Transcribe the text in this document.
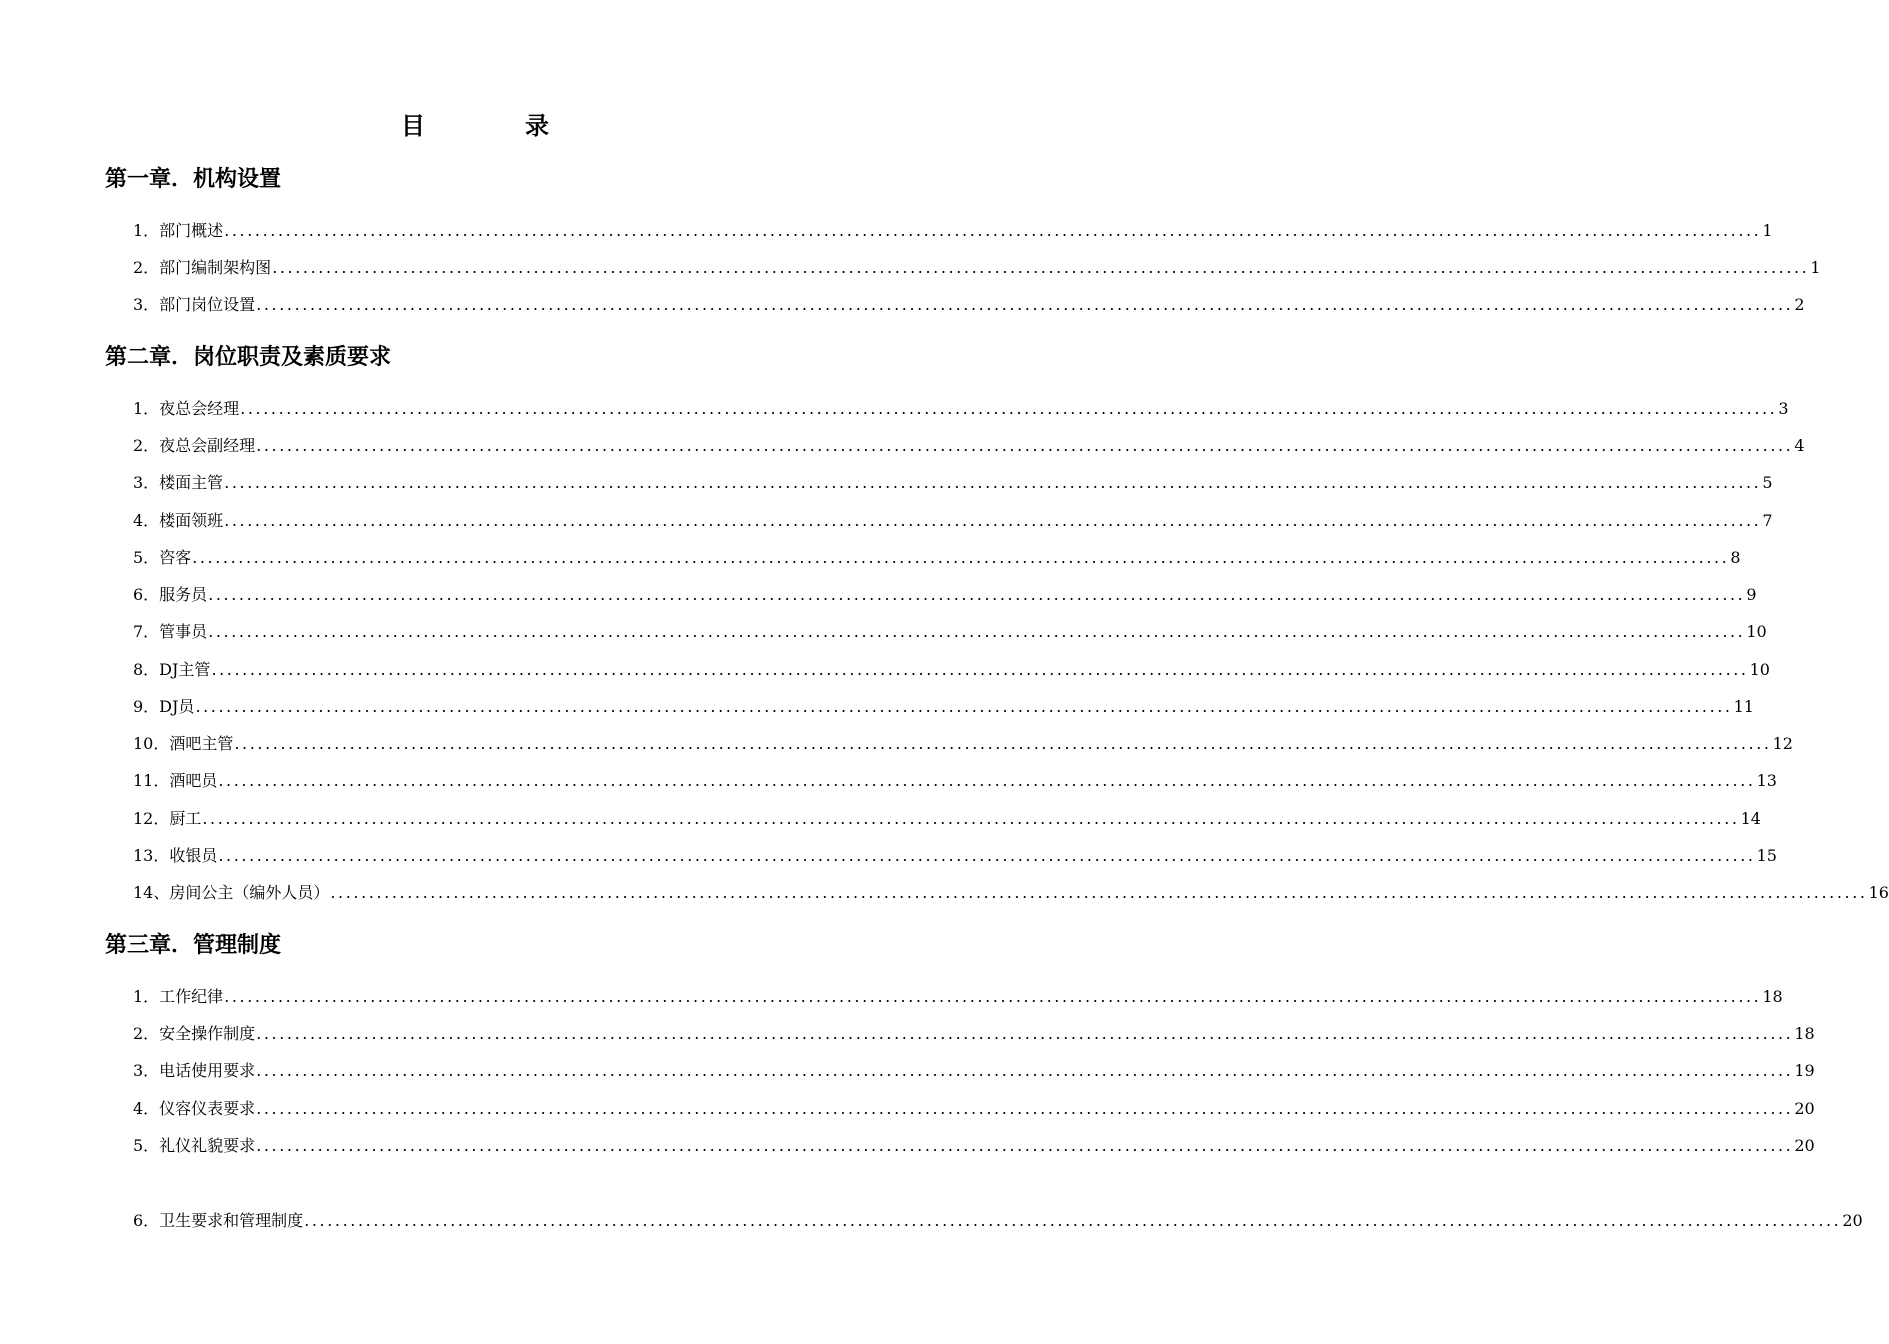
目	录
第一章．机构设置
1．部门概述 ........................................................................................................................................................................................................ 1
2．部门编制架构图 ........................................................................................................................................................................................................ 1
3．部门岗位设置 ........................................................................................................................................................................................................ 2
第二章．岗位职责及素质要求
1．夜总会经理 ........................................................................................................................................................................................................ 3
2．夜总会副经理 ........................................................................................................................................................................................................ 4
3．楼面主管 ........................................................................................................................................................................................................ 5
4．楼面领班 ........................................................................................................................................................................................................ 7
5．咨客 ........................................................................................................................................................................................................ 8
6．服务员 ........................................................................................................................................................................................................ 9
7．管事员 ........................................................................................................................................................................................................ 10
8．DJ主管 ........................................................................................................................................................................................................ 10
9．DJ员 ........................................................................................................................................................................................................ 11
10．酒吧主管 ........................................................................................................................................................................................................ 12
11．酒吧员 ........................................................................................................................................................................................................ 13
12．厨工 ........................................................................................................................................................................................................ 14
13．收银员 ........................................................................................................................................................................................................ 15
14、房间公主（编外人员） ........................................................................................................................................................................................................ 16
第三章．管理制度
1．工作纪律 ........................................................................................................................................................................................................ 18
2．安全操作制度 ........................................................................................................................................................................................................ 18
3．电话使用要求 ........................................................................................................................................................................................................ 19
4．仪容仪表要求 ........................................................................................................................................................................................................ 20
5．礼仪礼貌要求 ........................................................................................................................................................................................................ 20
6．卫生要求和管理制度 ........................................................................................................................................................................................................ 20
